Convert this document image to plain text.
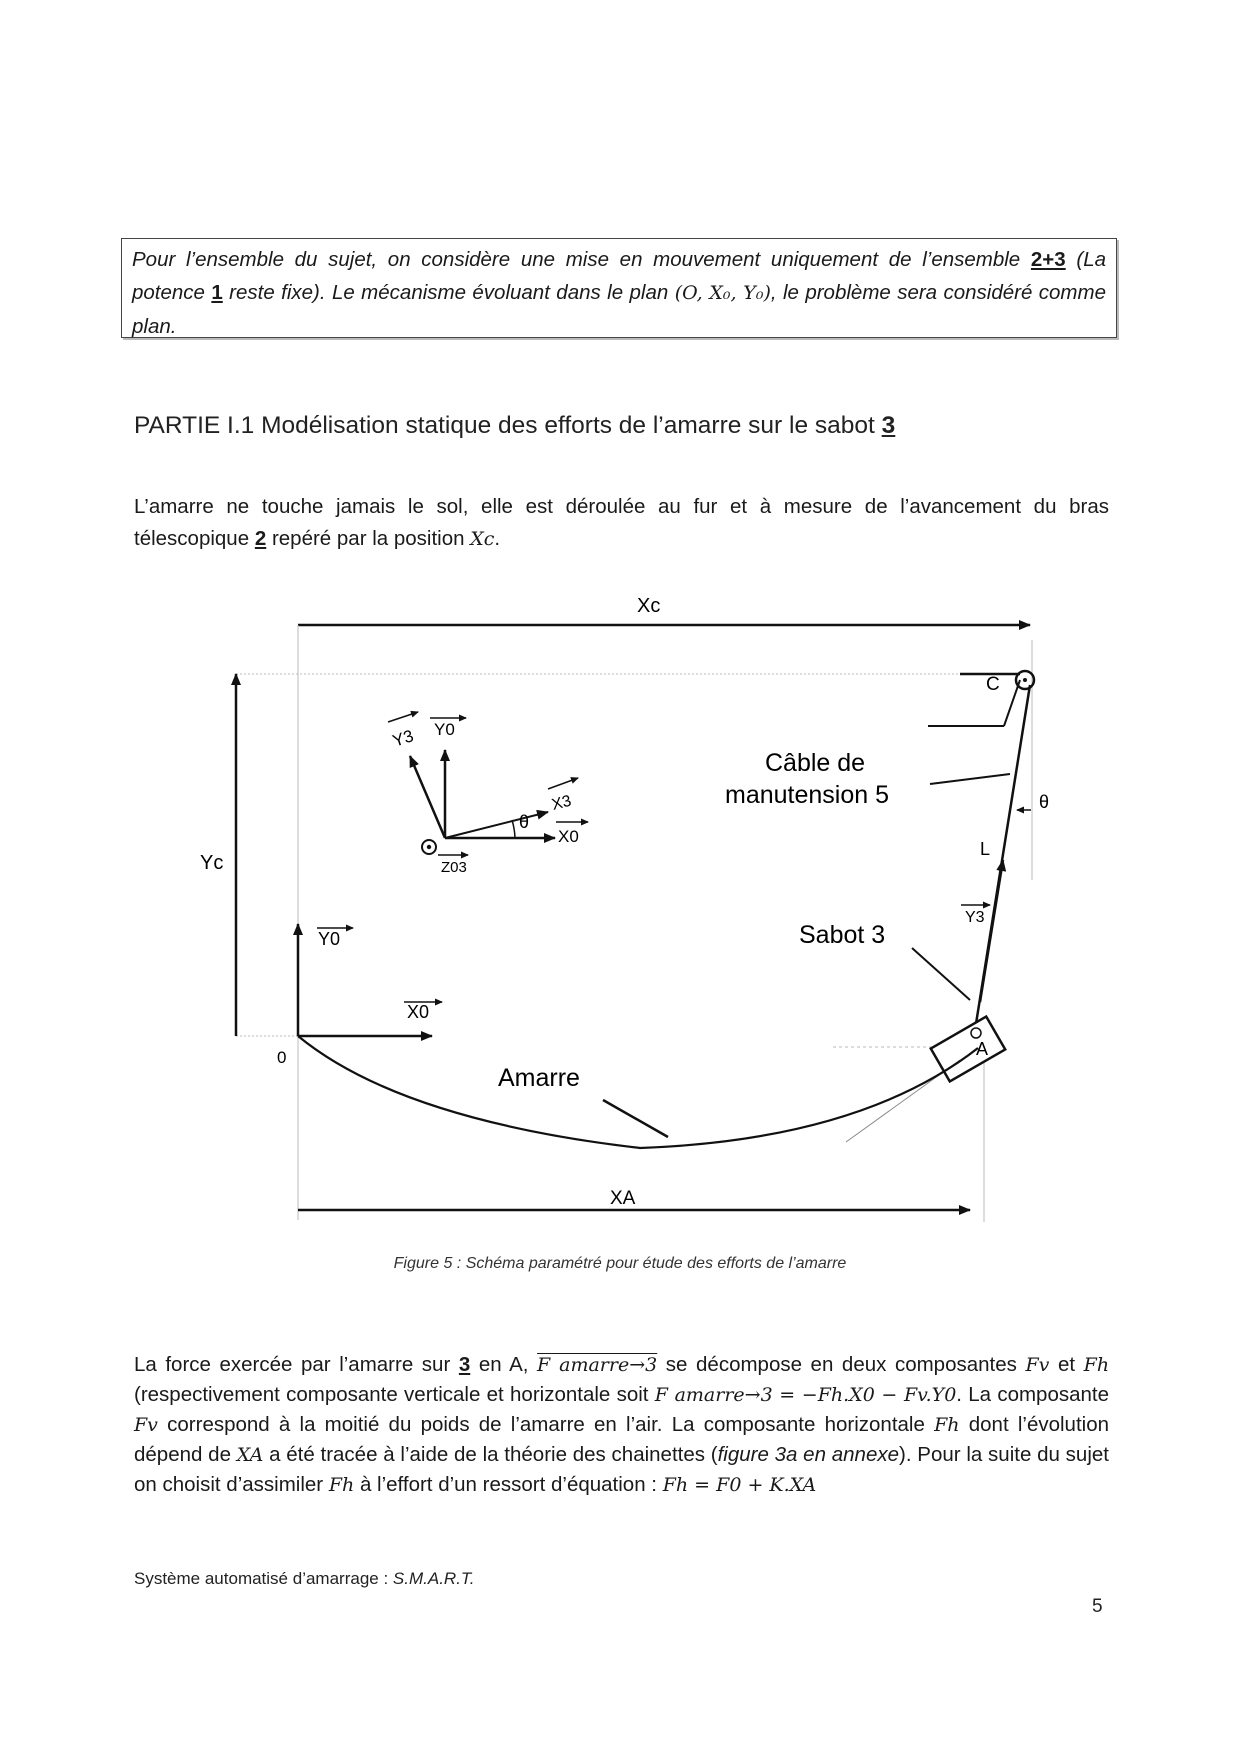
Pour l’ensemble du sujet, on considère une mise en mouvement uniquement de l’ensemble 2+3 (La potence 1 reste fixe). Le mécanisme évoluant dans le plan (O, X₀, Y₀), le problème sera considéré comme plan.
PARTIE I.1 Modélisation statique des efforts de l’amarre sur le sabot 3
L’amarre ne touche jamais le sol, elle est déroulée au fur et à mesure de l’avancement du bras télescopique 2 repéré par la position Xc.
Xc
Yc
Y0
X0
0
Y3 Y0
X3
X0
θ
Z03
C
L
Y3
θ
Câble de
manutension 5
Sabot 3
A
Amarre
XA
Figure 5 : Schéma paramétré pour étude des efforts de l’amarre
La force exercée par l’amarre sur 3 en A, F amarre→3 se décompose en deux composantes Fv et Fh (respectivement composante verticale et horizontale soit F amarre→3 = −Fh.X0 − Fv.Y0. La composante Fv correspond à la moitié du poids de l’amarre en l’air. La composante horizontale Fh dont l’évolution dépend de XA a été tracée à l’aide de la théorie des chainettes (figure 3a en annexe). Pour la suite du sujet on choisit d’assimiler Fh à l’effort d’un ressort d’équation : Fh = F0 + K.XA
Système automatisé d’amarrage : S.M.A.R.T.
5
